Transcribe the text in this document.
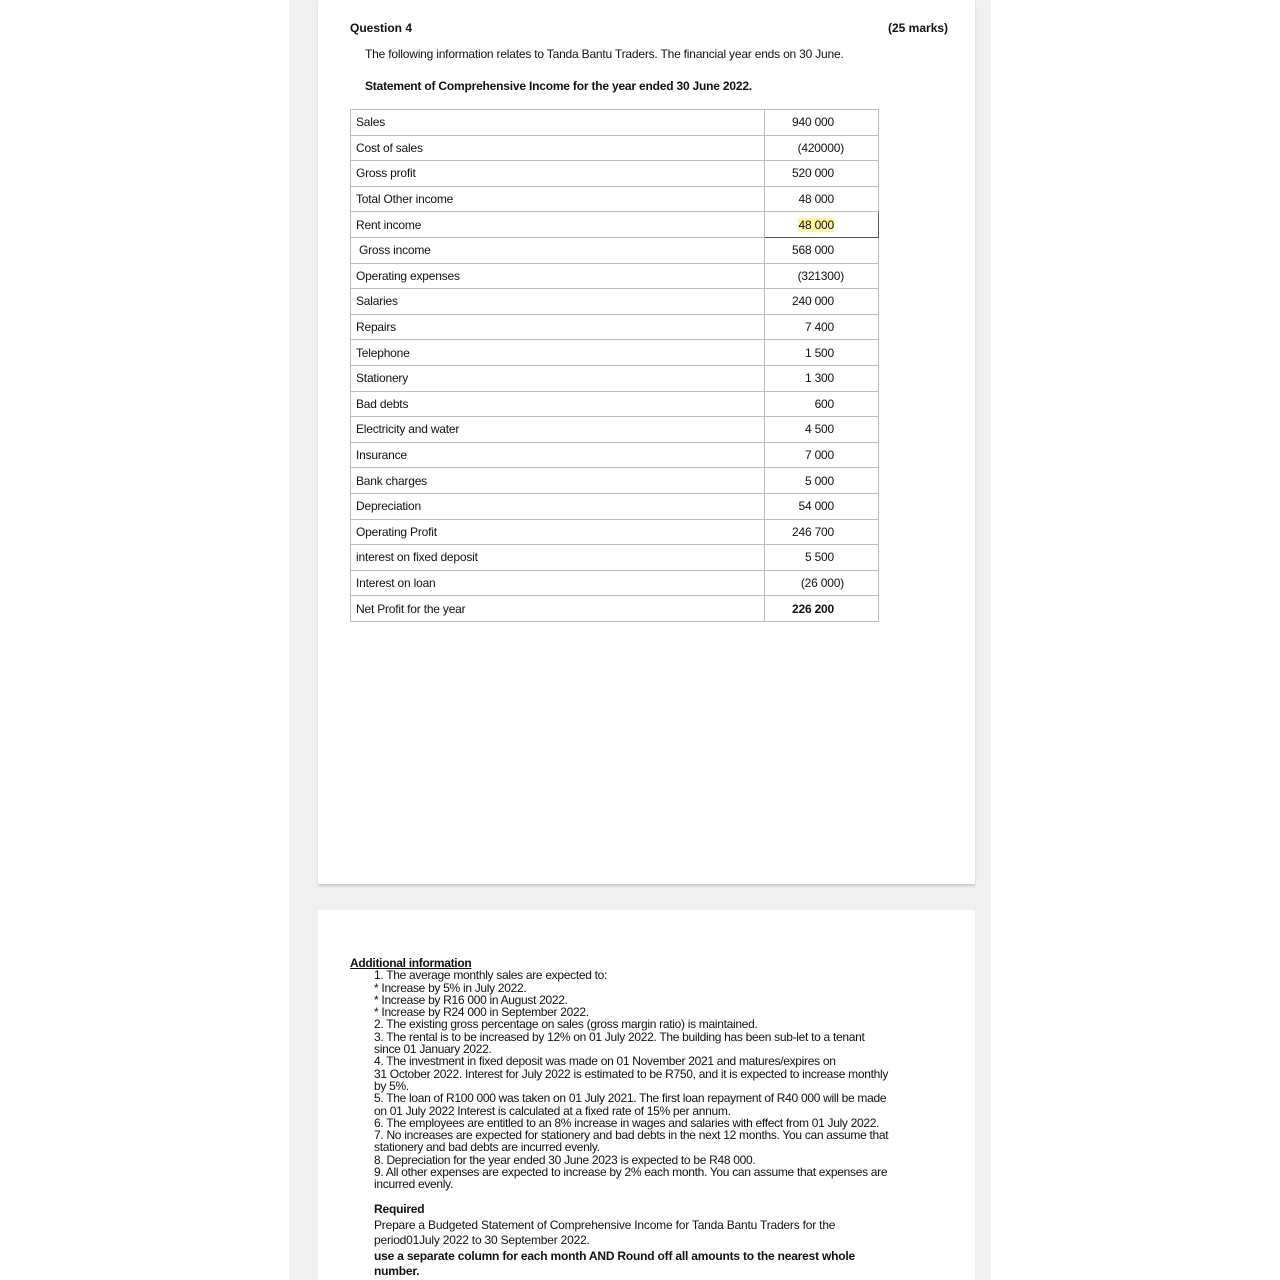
Question 4	(25 marks)
The following information relates to Tanda Bantu Traders. The financial year ends on 30 June.
Statement of Comprehensive Income for the year ended 30 June 2022.
Sales	940 000
Cost of sales	(420000)
Gross profit	520 000
Total Other income	48 000
Rent income	48 000
Gross income	568 000
Operating expenses	(321300)
Salaries	240 000
Repairs	7 400
Telephone	1 500
Stationery	1 300
Bad debts	600
Electricity and water	4 500
Insurance	7 000
Bank charges	5 000
Depreciation	54 000
Operating Profit	246 700
interest on fixed deposit	5 500
Interest on loan	(26 000)
Net Profit for the year	226 200
Additional information
1. The average monthly sales are expected to:
* Increase by 5% in July 2022.
* Increase by R16 000 in August 2022.
* Increase by R24 000 in September 2022.
2. The existing gross percentage on sales (gross margin ratio) is maintained.
3. The rental is to be increased by 12% on 01 July 2022. The building has been sub-let to a tenant since 01 January 2022.
4. The investment in fixed deposit was made on 01 November 2021 and matures/expires on
31 October 2022. Interest for July 2022 is estimated to be R750, and it is expected to increase monthly by 5%.
5. The loan of R100 000 was taken on 01 July 2021. The first loan repayment of R40 000 will be made on 01 July 2022 Interest is calculated at a fixed rate of 15% per annum.
6. The employees are entitled to an 8% increase in wages and salaries with effect from 01 July 2022.
7. No increases are expected for stationery and bad debts in the next 12 months. You can assume that stationery and bad debts are incurred evenly.
8. Depreciation for the year ended 30 June 2023 is expected to be R48 000.
9. All other expenses are expected to increase by 2% each month. You can assume that expenses are incurred evenly.
Required
Prepare a Budgeted Statement of Comprehensive Income for Tanda Bantu Traders for the period01July 2022 to 30 September 2022.
use a separate column for each month AND Round off all amounts to the nearest whole number.
